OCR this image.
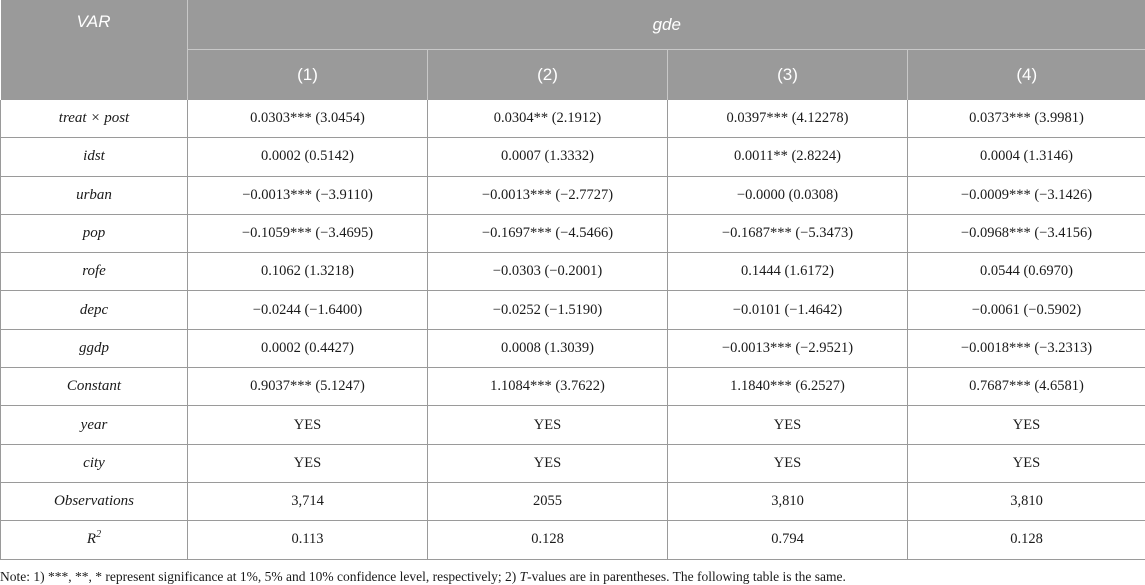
VAR	gde			
	(1)	(2)	(3)	(4)
treat × post	0.0303*** (3.0454)	0.0304** (2.1912)	0.0397*** (4.12278)	0.0373*** (3.9981)
idst	0.0002 (0.5142)	0.0007 (1.3332)	0.0011** (2.8224)	0.0004 (1.3146)
urban	−0.0013*** (−3.9110)	−0.0013*** (−2.7727)	−0.0000 (0.0308)	−0.0009*** (−3.1426)
pop	−0.1059*** (−3.4695)	−0.1697*** (−4.5466)	−0.1687*** (−5.3473)	−0.0968*** (−3.4156)
rofe	0.1062 (1.3218)	−0.0303 (−0.2001)	0.1444 (1.6172)	0.0544 (0.6970)
depc	−0.0244 (−1.6400)	−0.0252 (−1.5190)	−0.0101 (−1.4642)	−0.0061 (−0.5902)
ggdp	0.0002 (0.4427)	0.0008 (1.3039)	−0.0013*** (−2.9521)	−0.0018*** (−3.2313)
Constant	0.9037*** (5.1247)	1.1084*** (3.7622)	1.1840*** (6.2527)	0.7687*** (4.6581)
year	YES	YES	YES	YES
city	YES	YES	YES	YES
Observations	3,714	2055	3,810	3,810
$R^2$	0.113	0.128	0.794	0.128

Note: 1) ***, **, * represent significance at 1%, 5% and 10% confidence level, respectively; 2) T-values are in parentheses. The following table is the same.
